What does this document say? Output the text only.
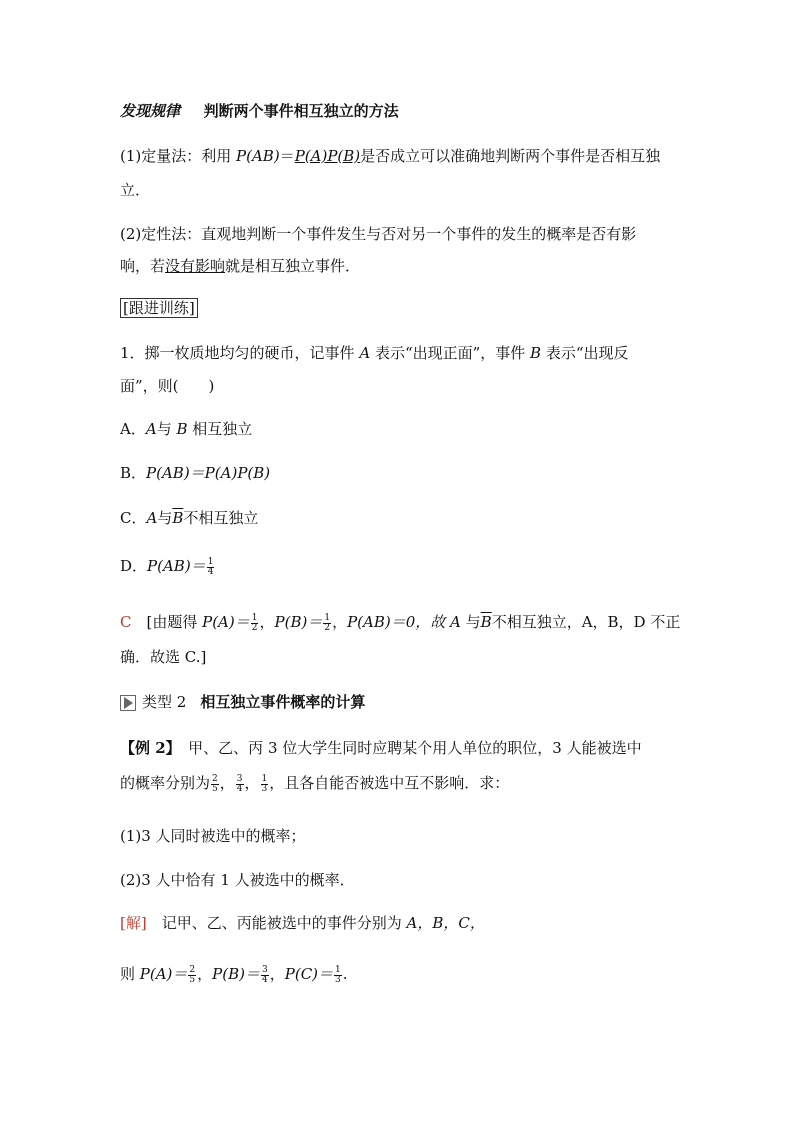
发现规律 判断两个事件相互独立的方法
(1)定量法：利用 P(AB)＝P(A)P(B)是否成立可以准确地判断两个事件是否相互独
立．
(2)定性法：直观地判断一个事件发生与否对另一个事件的发生的概率是否有影
响，若没有影响就是相互独立事件．
[跟进训练]
1．掷一枚质地均匀的硬币，记事件 A 表示“出现正面”，事件 B 表示“出现反
面”，则(　　)
A．A与 B 相互独立
B．P(AB)＝P(A)P(B)
C．A与$\overline{B}$不相互独立
D．$P(AB)= \frac{1}{4}$
C　[由题得 $P(A)= \frac{1}{2}$ ，$P(B)= \frac{1}{2}$ ，P(AB)＝0，故 A 与$\overline{B}$不相互独立，A，B，D 不正
确．故选 C.]
类型 2 相互独立事件概率的计算
【例 2】　甲、乙、丙 3 位大学生同时应聘某个用人单位的职位，3 人能被选中
的概率分别为 $\frac{2}{5}$ ， $\frac{3}{4}$ ， $\frac{1}{3}$ ，且各自能否被选中互不影响．求：
(1)3 人同时被选中的概率；
(2)3 人中恰有 1 人被选中的概率．
[解]　记甲、乙、丙能被选中的事件分别为 A，B，C，
则 $P(A)= \frac{2}{5}$ ，$P(B)= \frac{3}{4}$ ，$P(C)= \frac{1}{3}$ .
